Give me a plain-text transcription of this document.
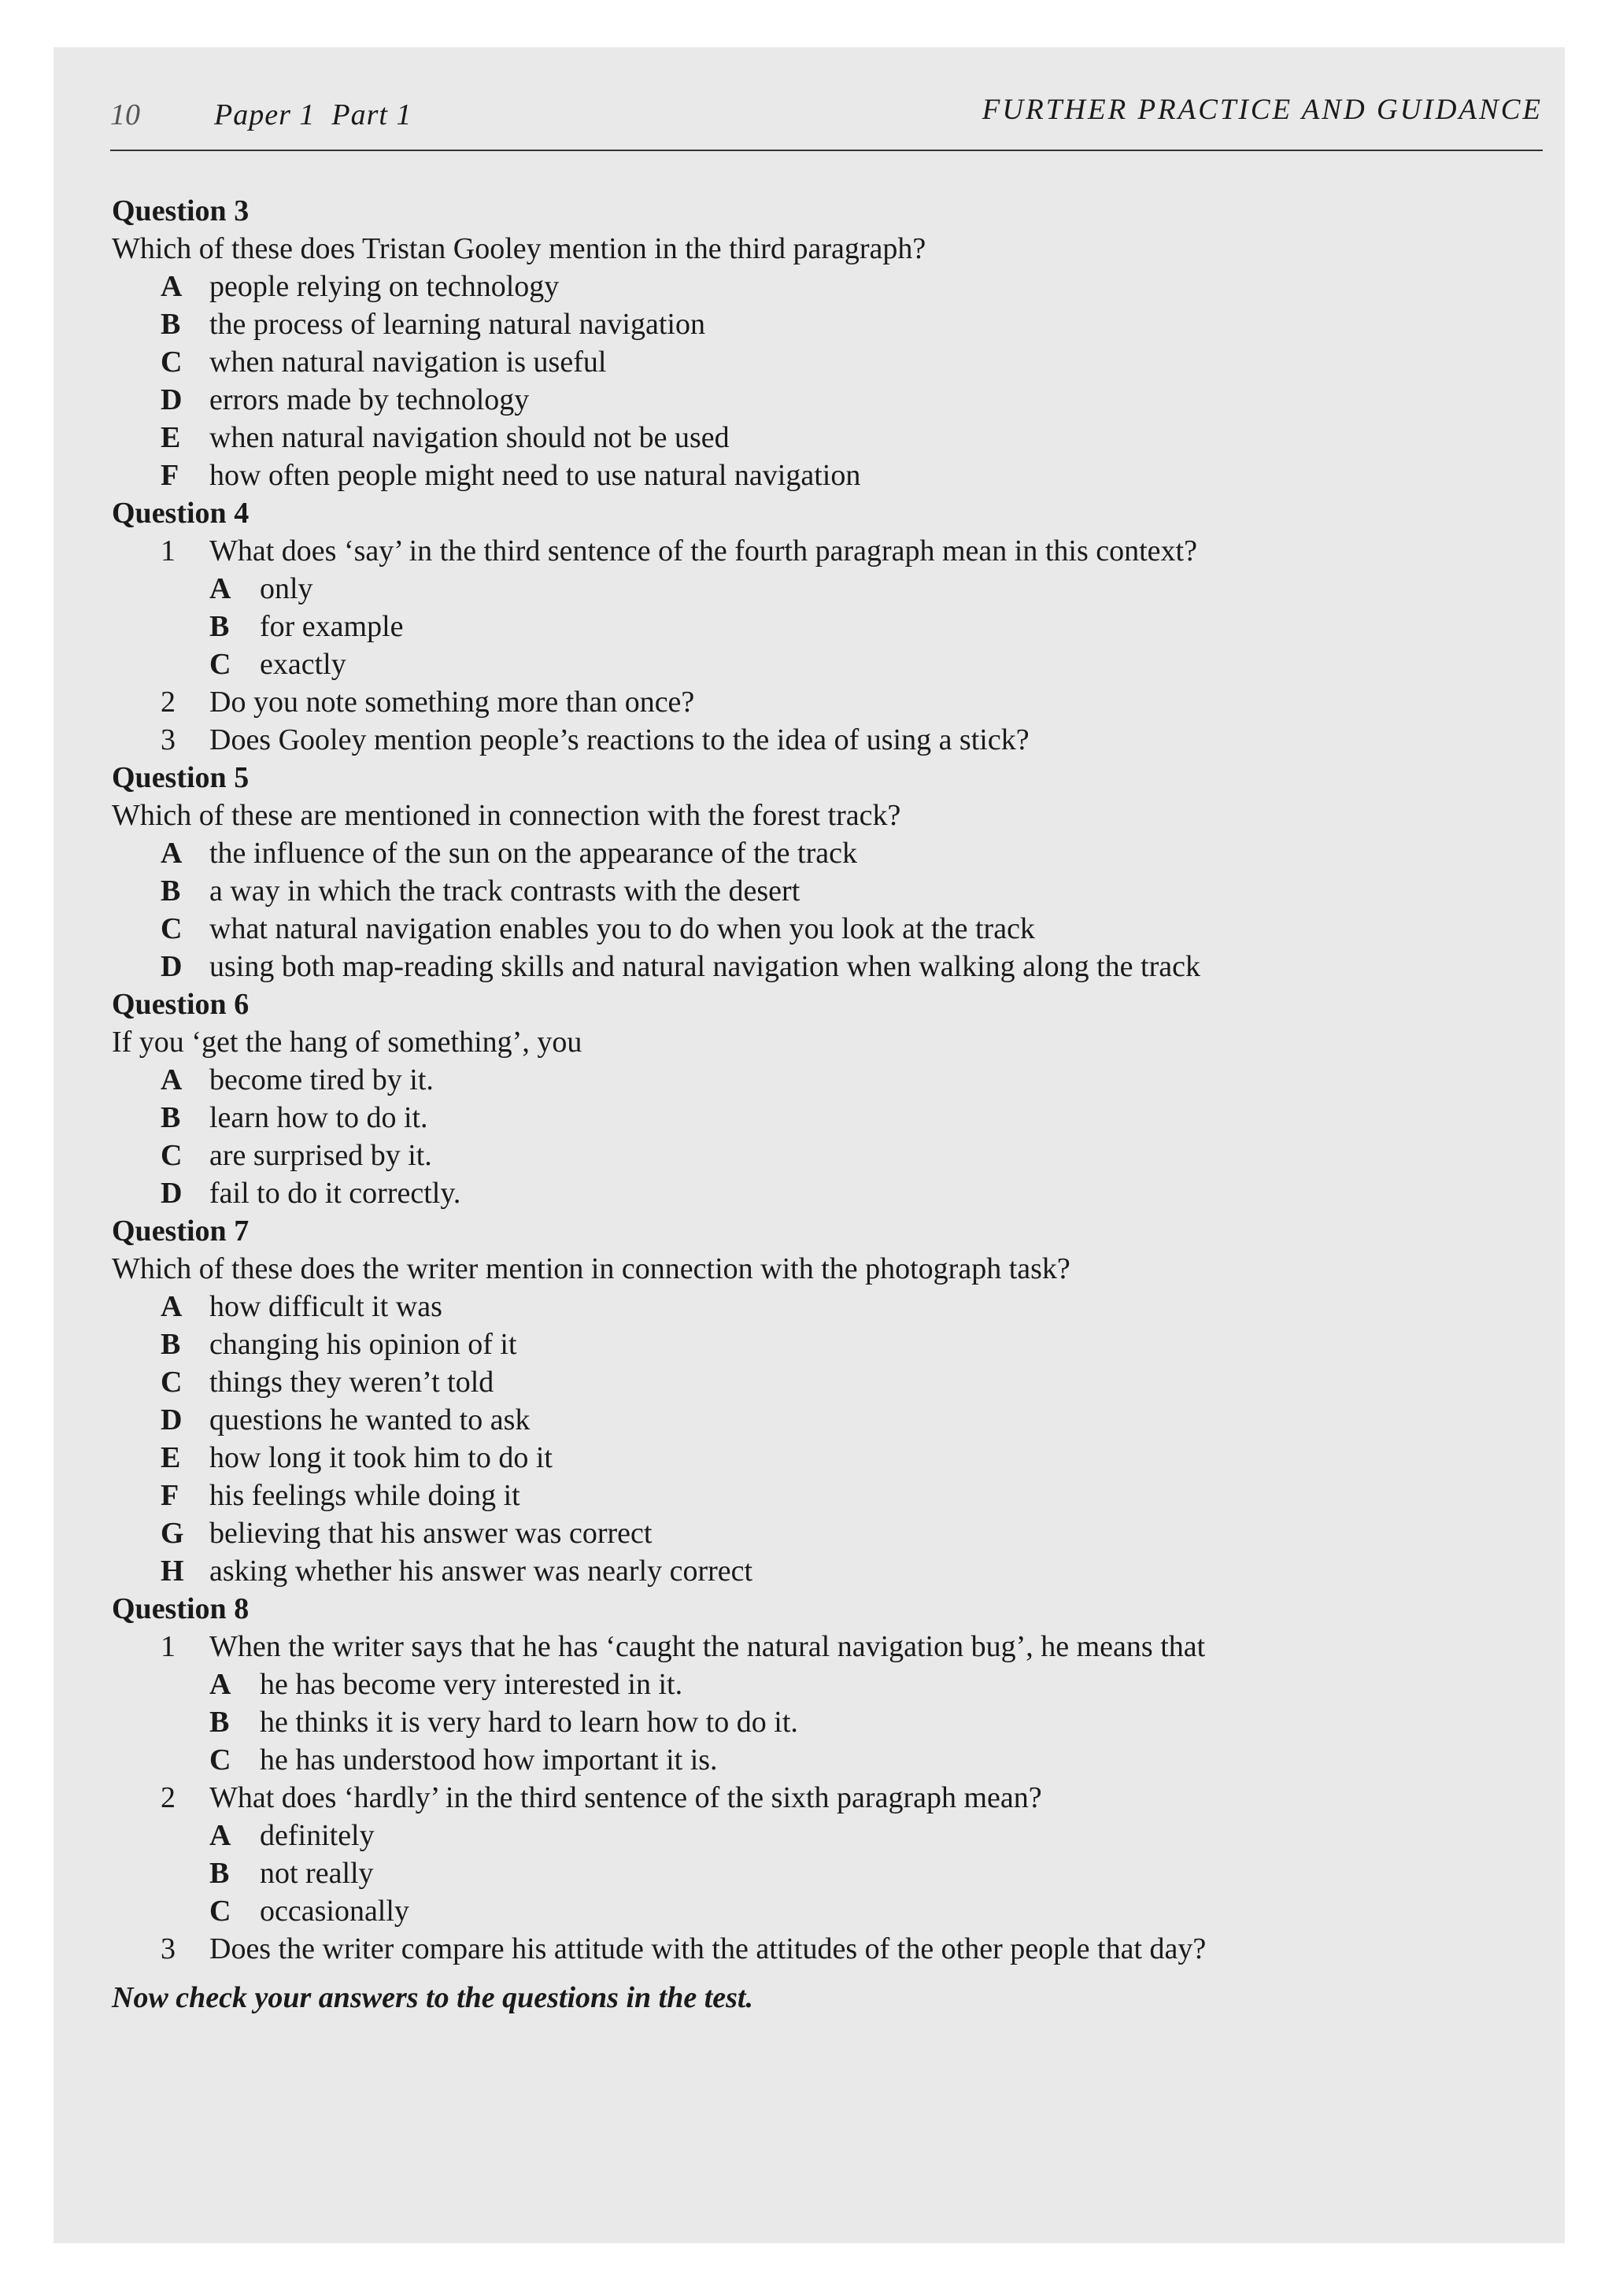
10 Paper 1  Part 1	FURTHER PRACTICE AND GUIDANCE
Question 3
Which of these does Tristan Gooley mention in the third paragraph?
A people relying on technology
B the process of learning natural navigation
C when natural navigation is useful
D errors made by technology
E when natural navigation should not be used
F	how often people might need to use natural navigation
Question 4
1	What does ‘say’ in the third sentence of the fourth paragraph mean in this context?
A only
B	for example
C exactly
2	Do you note something more than once?
3	Does Gooley mention people’s reactions to the idea of using a stick?
Question 5
Which of these are mentioned in connection with the forest track?
A the influence of the sun on the appearance of the track
B a way in which the track contrasts with the desert
C what natural navigation enables you to do when you look at the track
D using both map-reading skills and natural navigation when walking along the track
Question 6
If you ‘get the hang of something’, you
A become tired by it.
B learn how to do it.
C are surprised by it.
D fail to do it correctly.
Question 7
Which of these does the writer mention in connection with the photograph task?
A how difficult it was
B changing his opinion of it
C things they weren’t told
D questions he wanted to ask
E how long it took him to do it
F	his feelings while doing it
G believing that his answer was correct
H asking whether his answer was nearly correct
Question 8
1	When the writer says that he has ‘caught the natural navigation bug’, he means that
A he has become very interested in it.
B	he thinks it is very hard to learn how to do it.
C he has understood how important it is.
2	What does ‘hardly’ in the third sentence of the sixth paragraph mean?
A definitely
B	not really
C occasionally
3	Does the writer compare his attitude with the attitudes of the other people that day?
Now check your answers to the questions in the test.
